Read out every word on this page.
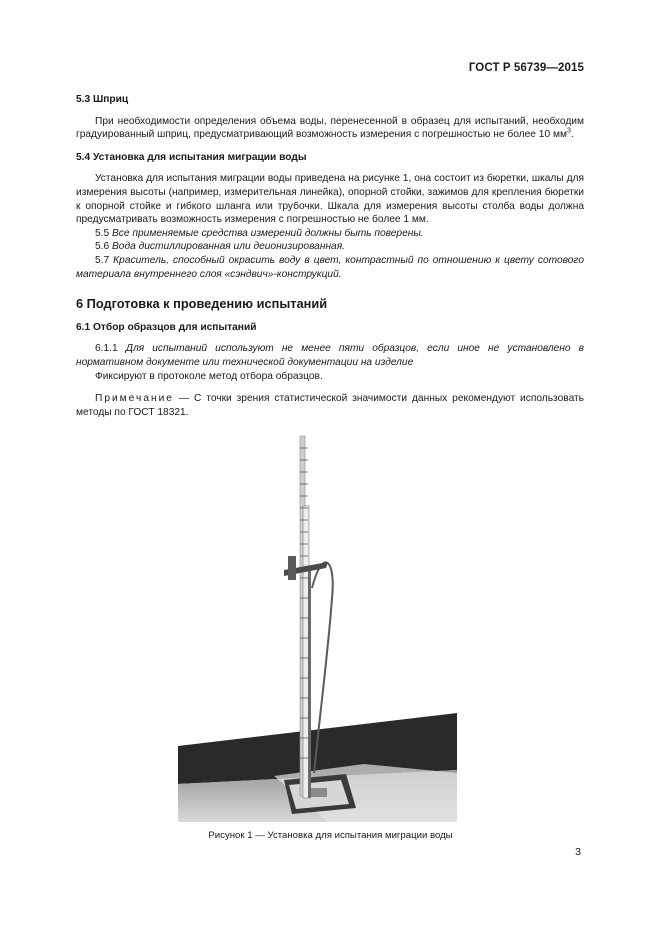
ГОСТ Р 56739—2015
5.3 Шприц

При необходимости определения объема воды, перенесенной в образец для испытаний, необходим градуированный шприц, предусматривающий возможность измерения с погрешностью не более 10 $мм^3$.

5.4 Установка для испытания миграции воды

Установка для испытания миграции воды приведена на рисунке 1, она состоит из бюретки, шкалы для измерения высоты (например, измерительная линейка), опорной стойки, зажимов для крепления бюретки к опорной стойке и гибкого шланга или трубочки. Шкала для измерения высоты столба воды должна предусматривать возможность измерения с погрешностью не более 1 мм.

5.5 Все применяемые средства измерений должны быть поверены.

5.6 Вода дистиллированная или деионизированная.

5.7 Краситель, способный окрасить воду в цвет, контрастный по отношению к цвету сотового материала внутреннего слоя «сэндвич»-конструкций.

6 Подготовка к проведению испытаний
6.1 Отбор образцов для испытаний

6.1.1 Для испытаний используют не менее пяти образцов, если иное не установлено в нормативном документе или технической документации на изделие

Фиксируют в протоколе метод отбора образцов.

Примечание — С точки зрения статистической значимости данных рекомендуют использовать методы по ГОСТ 18321.

Рисунок 1 — Установка для испытания миграции воды
3
